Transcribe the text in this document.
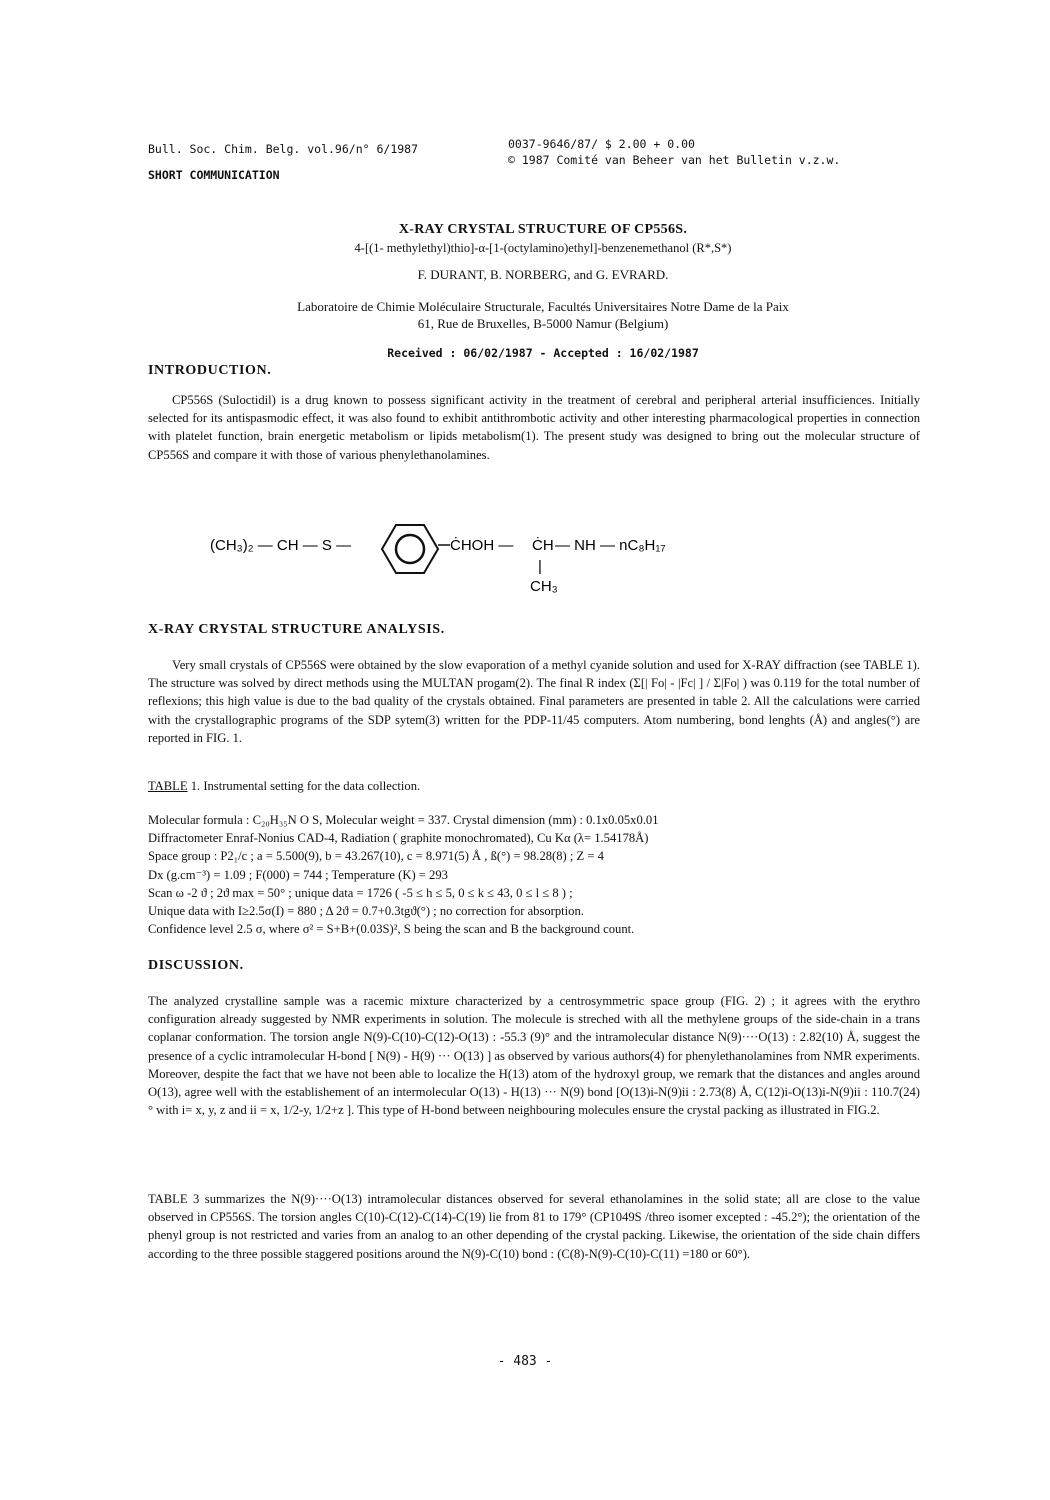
Bull. Soc. Chim. Belg. vol.96/n° 6/1987
SHORT COMMUNICATION
0037-9646/87/ $ 2.00 + 0.00
© 1987 Comité van Beheer van het Bulletin v.z.w.
X-RAY CRYSTAL STRUCTURE OF CP556S.
4-[(1- methylethyl)thio]-α-[1-(octylamino)ethyl]-benzenemethanol (R*,S*)
F. DURANT, B. NORBERG, and G. EVRARD.
Laboratoire de Chimie Moléculaire Structurale, Facultés Universitaires Notre Dame de la Paix
61, Rue de Bruxelles, B-5000 Namur (Belgium)
Received : 06/02/1987 - Accepted : 16/02/1987
INTRODUCTION.

CP556S (Suloctidil) is a drug known to possess significant activity in the treatment of cerebral and peripheral arterial insufficiences. Initially selected for its antispasmodic effect, it was also found to exhibit antithrombotic activity and other interesting pharmacological properties in connection with platelet function, brain energetic metabolism or lipids metabolism(1). The present study was designed to bring out the molecular structure of CP556S and compare it with those of various phenylethanolamines.

(CH₃)₂ — CH — S —	ĊHOH — ĊH — NH — nC₈H₁₇
|
CH₃
X-RAY CRYSTAL STRUCTURE ANALYSIS.

Very small crystals of CP556S were obtained by the slow evaporation of a methyl cyanide solution and used for X-RAY diffraction (see TABLE 1). The structure was solved by direct methods using the MULTAN progam(2). The final R index (Σ[| Fo| - |Fc| ] / Σ|Fo| ) was 0.119 for the total number of reflexions; this high value is due to the bad quality of the crystals obtained. Final parameters are presented in table 2. All the calculations were carried with the crystallographic programs of the SDP sytem(3) written for the PDP-11/45 computers. Atom numbering, bond lenghts (Å) and angles(°) are reported in FIG. 1.

TABLE 1. Instrumental setting for the data collection.
Molecular formula : C₂₀H₃₅N O S, Molecular weight = 337. Crystal dimension (mm) : 0.1x0.05x0.01
Diffractometer Enraf-Nonius CAD-4, Radiation ( graphite monochromated), Cu Kα (λ= 1.54178Å)
Space group : P2₁/c ; a = 5.500(9), b = 43.267(10), c = 8.971(5) Å , ß(°) = 98.28(8) ; Z = 4
Dx (g.cm⁻³) = 1.09 ; F(000) = 744 ; Temperature (K) = 293
Scan ω -2 ϑ ; 2ϑ max = 50° ; unique data = 1726 ( -5 ≤ h ≤ 5, 0 ≤ k ≤ 43, 0 ≤ l ≤ 8 ) ;
Unique data with I≥2.5σ(I) = 880 ; Δ 2ϑ = 0.7+0.3tgϑ(°) ; no correction for absorption.
Confidence level 2.5 σ, where σ² = S+B+(0.03S)², S being the scan and B the background count.
DISCUSSION.

The analyzed crystalline sample was a racemic mixture characterized by a centrosymmetric space group (FIG. 2) ; it agrees with the erythro configuration already suggested by NMR experiments in solution. The molecule is streched with all the methylene groups of the side-chain in a trans coplanar conformation. The torsion angle N(9)-C(10)-C(12)-O(13) : -55.3 (9)° and the intramolecular distance N(9)····O(13) : 2.82(10) Å, suggest the presence of a cyclic intramolecular H-bond [ N(9) - H(9) ··· O(13) ] as observed by various authors(4) for phenylethanolamines from NMR experiments. Moreover, despite the fact that we have not been able to localize the H(13) atom of the hydroxyl group, we remark that the distances and angles around O(13), agree well with the establishement of an intermolecular O(13) - H(13) ··· N(9) bond [O(13)i-N(9)ii : 2.73(8) Å, C(12)i-O(13)i-N(9)ii : 110.7(24) ° with i= x, y, z and ii = x, 1/2-y, 1/2+z ]. This type of H-bond between neighbouring molecules ensure the crystal packing as illustrated in FIG.2.

TABLE 3 summarizes the N(9)····O(13) intramolecular distances observed for several ethanolamines in the solid state; all are close to the value observed in CP556S. The torsion angles C(10)-C(12)-C(14)-C(19) lie from 81 to 179° (CP1049S /threo isomer excepted : -45.2°); the orientation of the phenyl group is not restricted and varies from an analog to an other depending of the crystal packing. Likewise, the orientation of the side chain differs according to the three possible staggered positions around the N(9)-C(10) bond : (C(8)-N(9)-C(10)-C(11) =180 or 60°).

- 483 -
